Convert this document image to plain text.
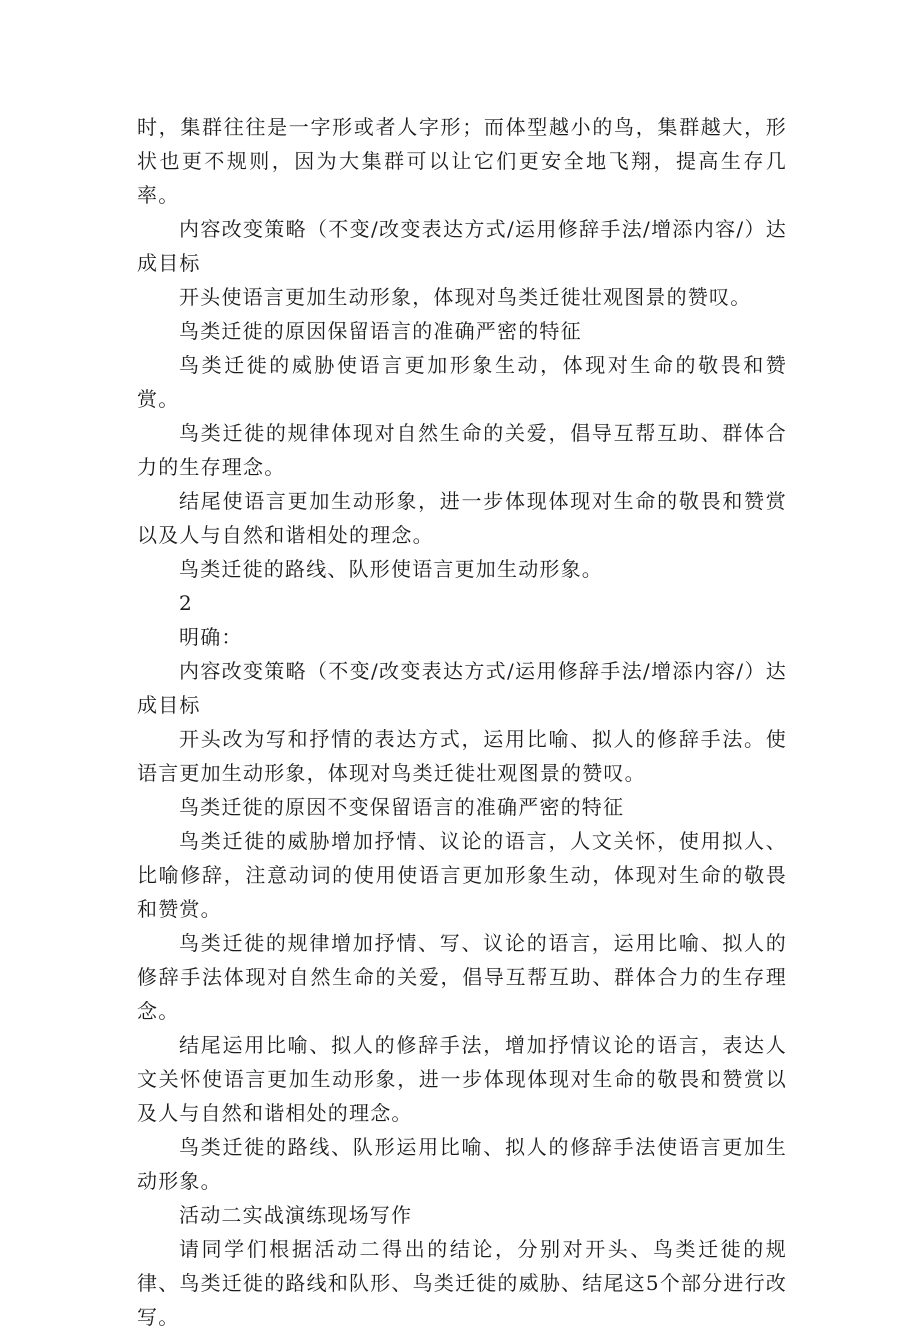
时，集群往往是一字形或者人字形；而体型越小的鸟，集群越大，形状也更不规则，因为大集群可以让它们更安全地飞翔，提高生存几率。

内容改变策略（不变/改变表达方式/运用修辞手法/增添内容/）达成目标

开头使语言更加生动形象，体现对鸟类迁徙壮观图景的赞叹。

鸟类迁徙的原因保留语言的准确严密的特征

鸟类迁徙的威胁使语言更加形象生动，体现对生命的敬畏和赞赏。

鸟类迁徙的规律体现对自然生命的关爱，倡导互帮互助、群体合力的生存理念。

结尾使语言更加生动形象，进一步体现体现对生命的敬畏和赞赏以及人与自然和谐相处的理念。

鸟类迁徙的路线、队形使语言更加生动形象。

2

明确：

内容改变策略（不变/改变表达方式/运用修辞手法/增添内容/）达成目标

开头改为写和抒情的表达方式，运用比喻、拟人的修辞手法。使语言更加生动形象，体现对鸟类迁徙壮观图景的赞叹。

鸟类迁徙的原因不变保留语言的准确严密的特征

鸟类迁徙的威胁增加抒情、议论的语言，人文关怀，使用拟人、比喻修辞，注意动词的使用使语言更加形象生动，体现对生命的敬畏和赞赏。

鸟类迁徙的规律增加抒情、写、议论的语言，运用比喻、拟人的修辞手法体现对自然生命的关爱，倡导互帮互助、群体合力的生存理念。

结尾运用比喻、拟人的修辞手法，增加抒情议论的语言，表达人文关怀使语言更加生动形象，进一步体现体现对生命的敬畏和赞赏以及人与自然和谐相处的理念。

鸟类迁徙的路线、队形运用比喻、拟人的修辞手法使语言更加生动形象。

活动二实战演练现场写作

请同学们根据活动二得出的结论，分别对开头、鸟类迁徙的规律、鸟类迁徙的路线和队形、鸟类迁徙的威胁、结尾这5个部分进行改写。
